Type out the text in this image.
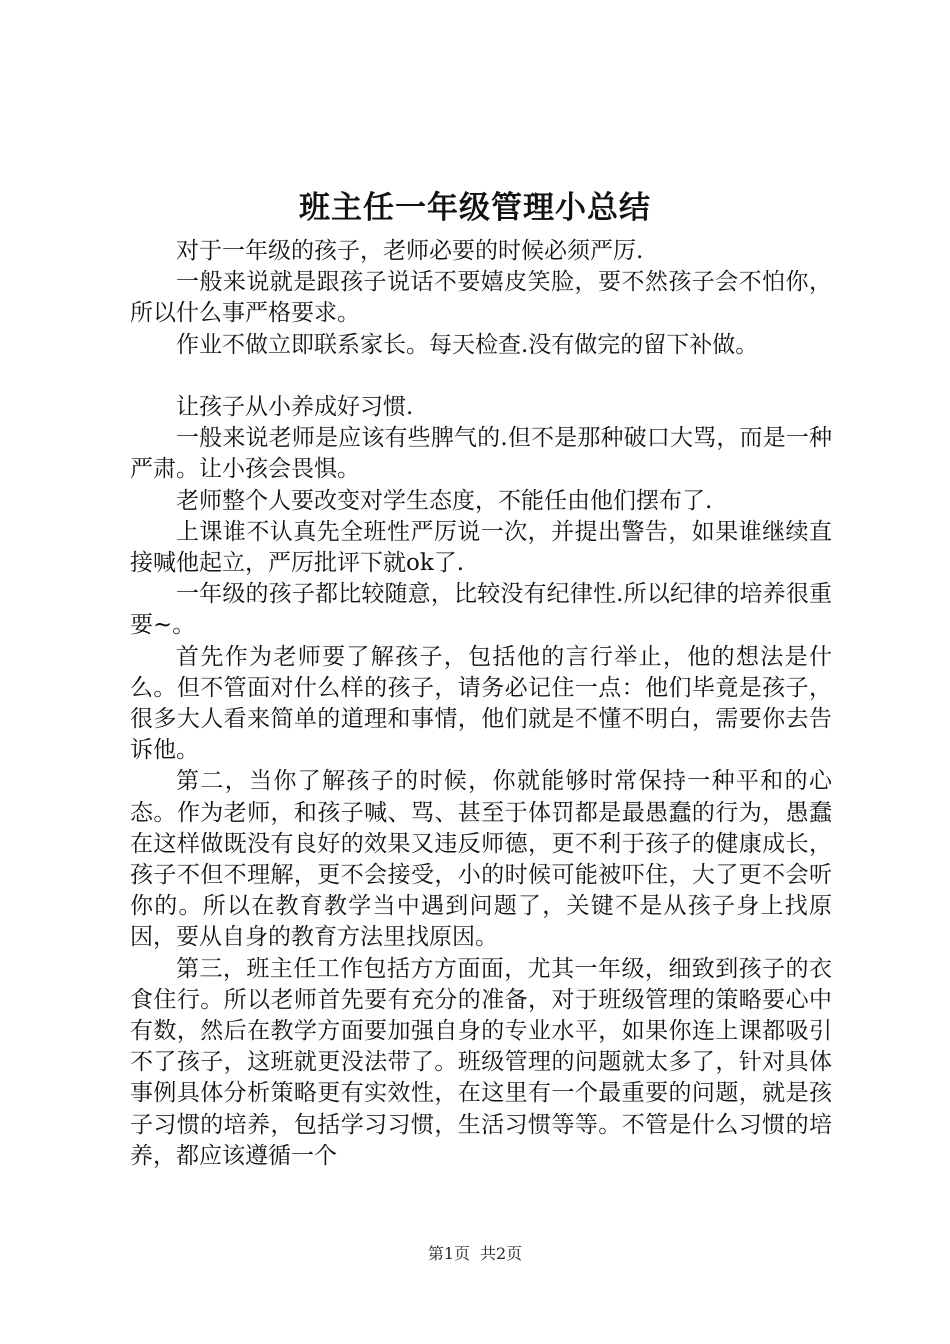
班主任一年级管理小总结

对于一年级的孩子，老师必要的时候必须严厉.

一般来说就是跟孩子说话不要嬉皮笑脸，要不然孩子会不怕你，所以什么事严格要求。

作业不做立即联系家长。每天检查.没有做完的留下补做。

让孩子从小养成好习惯.

一般来说老师是应该有些脾气的.但不是那种破口大骂，而是一种严肃。让小孩会畏惧。

老师整个人要改变对学生态度，不能任由他们摆布了.

上课谁不认真先全班性严厉说一次，并提出警告，如果谁继续直接喊他起立，严厉批评下就ok了.

一年级的孩子都比较随意，比较没有纪律性.所以纪律的培养很重要~。

首先作为老师要了解孩子，包括他的言行举止，他的想法是什么。但不管面对什么样的孩子，请务必记住一点：他们毕竟是孩子，很多大人看来简单的道理和事情，他们就是不懂不明白，需要你去告诉他。

第二，当你了解孩子的时候，你就能够时常保持一种平和的心态。作为老师，和孩子喊、骂、甚至于体罚都是最愚蠢的行为，愚蠢在这样做既没有良好的效果又违反师德，更不利于孩子的健康成长，孩子不但不理解，更不会接受，小的时候可能被吓住，大了更不会听你的。所以在教育教学当中遇到问题了，关键不是从孩子身上找原因，要从自身的教育方法里找原因。

第三，班主任工作包括方方面面，尤其一年级，细致到孩子的衣食住行。所以老师首先要有充分的准备，对于班级管理的策略要心中有数，然后在教学方面要加强自身的专业水平，如果你连上课都吸引不了孩子，这班就更没法带了。班级管理的问题就太多了，针对具体事例具体分析策略更有实效性，在这里有一个最重要的问题，就是孩子习惯的培养，包括学习习惯，生活习惯等等。不管是什么习惯的培养，都应该遵循一个

第1页 共2页
